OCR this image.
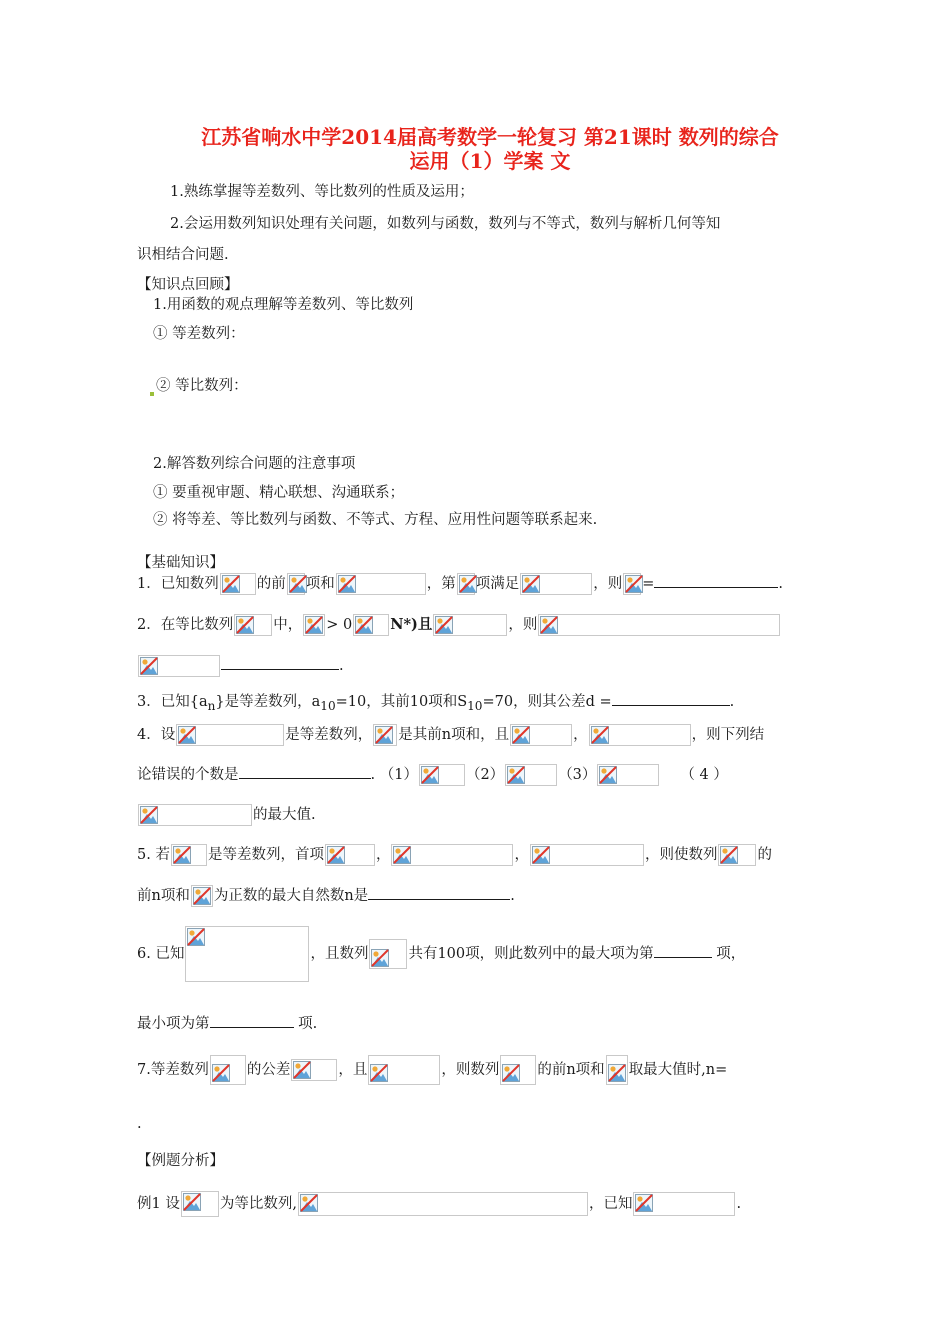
江苏省响水中学2014届高考数学一轮复习 第21课时 数列的综合
运用（1）学案 文
1.熟练掌握等差数列、等比数列的性质及运用；
2.会运用数列知识处理有关问题，如数列与函数，数列与不等式，数列与解析几何等知
识相结合问题.
【知识点回顾】
1.用函数的观点理解等差数列、等比数列
① 等差数列：
② 等比数列：
2.解答数列综合问题的注意事项
① 要重视审题、精心联想、沟通联系；
② 将等差、等比数列与函数、不等式、方程、应用性问题等联系起来.
【基础知识】
1．已知数列	的前 项和	，第 项满足	，则 =	.
2．在等比数列	中， > 0	N*)且	，则
.
3．已知$\{a_n\}$是等差数列，$a_{10}=10$，其前10项和$S_{10}=70$，则其公差d =	.
4．设	是等差数列， 是其前n项和，且	，	，则下列结
论错误的个数是	. （1）	（2）	（3）	（ 4 ）
的最大值.
5. 若	是等差数列，首项	，	，	，则使数列	的
前n项和 为正数的最大自然数n是	.
6. 已知	，且数列	共有100项，则此数列中的最大项为第	项，
最小项为第	项.
7.等差数列	的公差	，且	，则数列	的前n项和 取最大值时,n=
.
【例题分析】
例1 设	为等比数列,	，已知	.
